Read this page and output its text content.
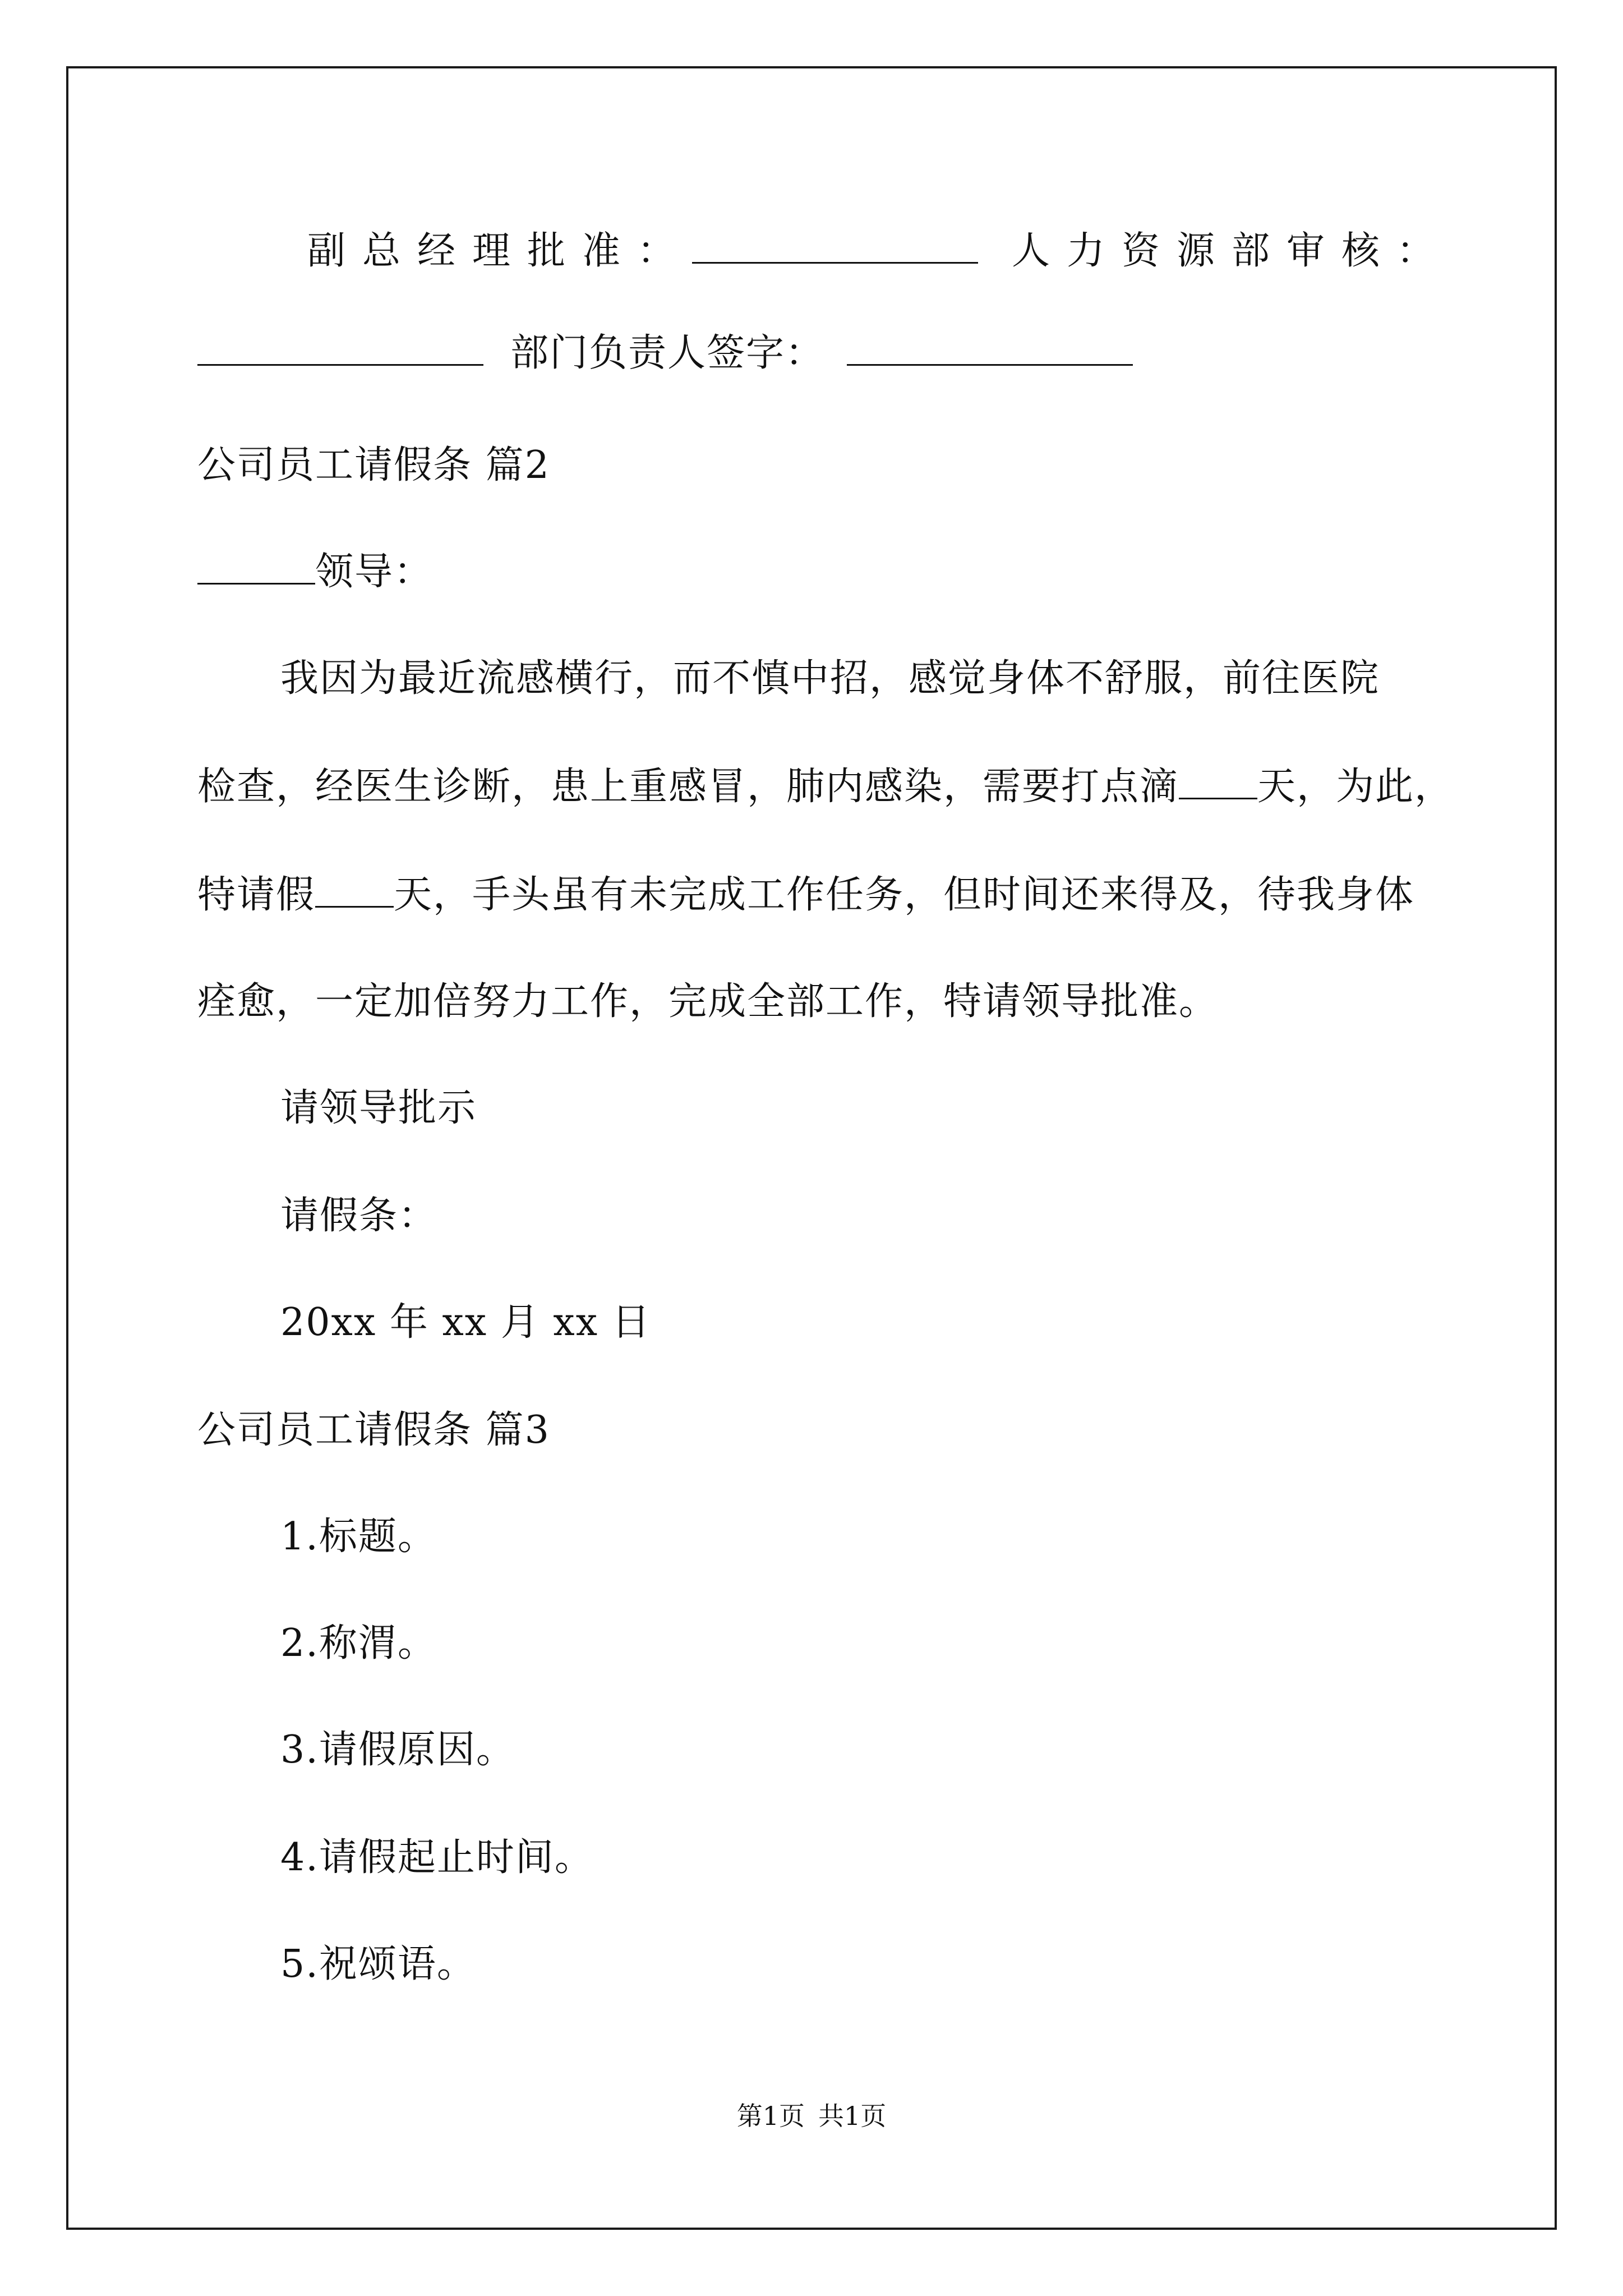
副总经理批准：	人力资源部审核：
部门负责人签字：
公司员工请假条 篇2
领导：
我因为最近流感横行，而不慎中招，感觉身体不舒服，前往医院
检查，经医生诊断，患上重感冒，肺内感染，需要打点滴 天，为此，
特请假 天，手头虽有未完成工作任务，但时间还来得及，待我身体
痊愈，一定加倍努力工作，完成全部工作，特请领导批准。
请领导批示
请假条：
20xx 年 xx 月 xx 日
公司员工请假条 篇3
1.标题。
2.称渭。
3.请假原因。
4.请假起止时间。
5.祝颂语。
第1页 共1页
